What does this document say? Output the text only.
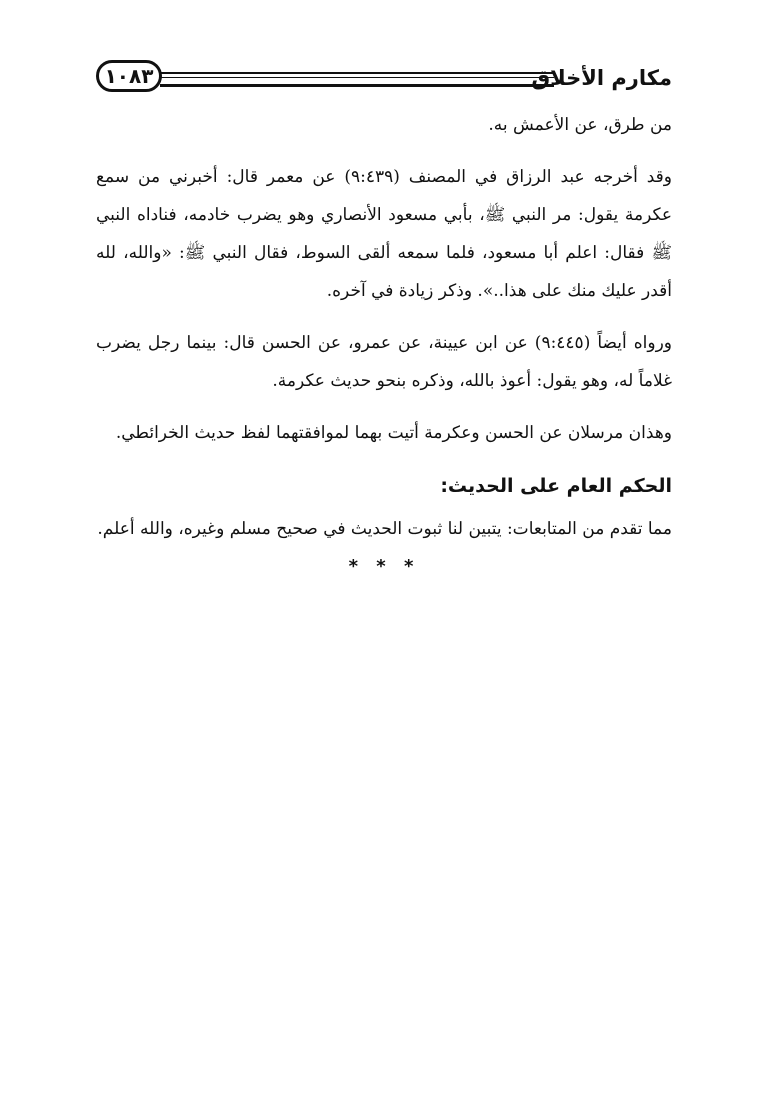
مكارم الأخلاق
١٠٨٣

من طرق، عن الأعمش به.

وقد أخرجه عبد الرزاق في المصنف (٩:٤٣٩) عن معمر قال: أخبرني من سمع عكرمة يقول: مر النبي ﷺ، بأبي مسعود الأنصاري وهو يضرب خادمه، فناداه النبي ﷺ فقال: اعلم أبا مسعود، فلما سمعه ألقى السوط، فقال النبي ﷺ: «والله، لله أقدر عليك منك على هذا..». وذكر زيادة في آخره.

ورواه أيضاً (٩:٤٤٥) عن ابن عيينة، عن عمرو، عن الحسن قال: بينما رجل يضرب غلاماً له، وهو يقول: أعوذ بالله، وذكره بنحو حديث عكرمة.

وهذان مرسلان عن الحسن وعكرمة أتيت بهما لموافقتهما لفظ حديث الخرائطي.

الحكم العام على الحديث:

مما تقدم من المتابعات: يتبين لنا ثبوت الحديث في صحيح مسلم وغيره، والله أعلم.

* * *
